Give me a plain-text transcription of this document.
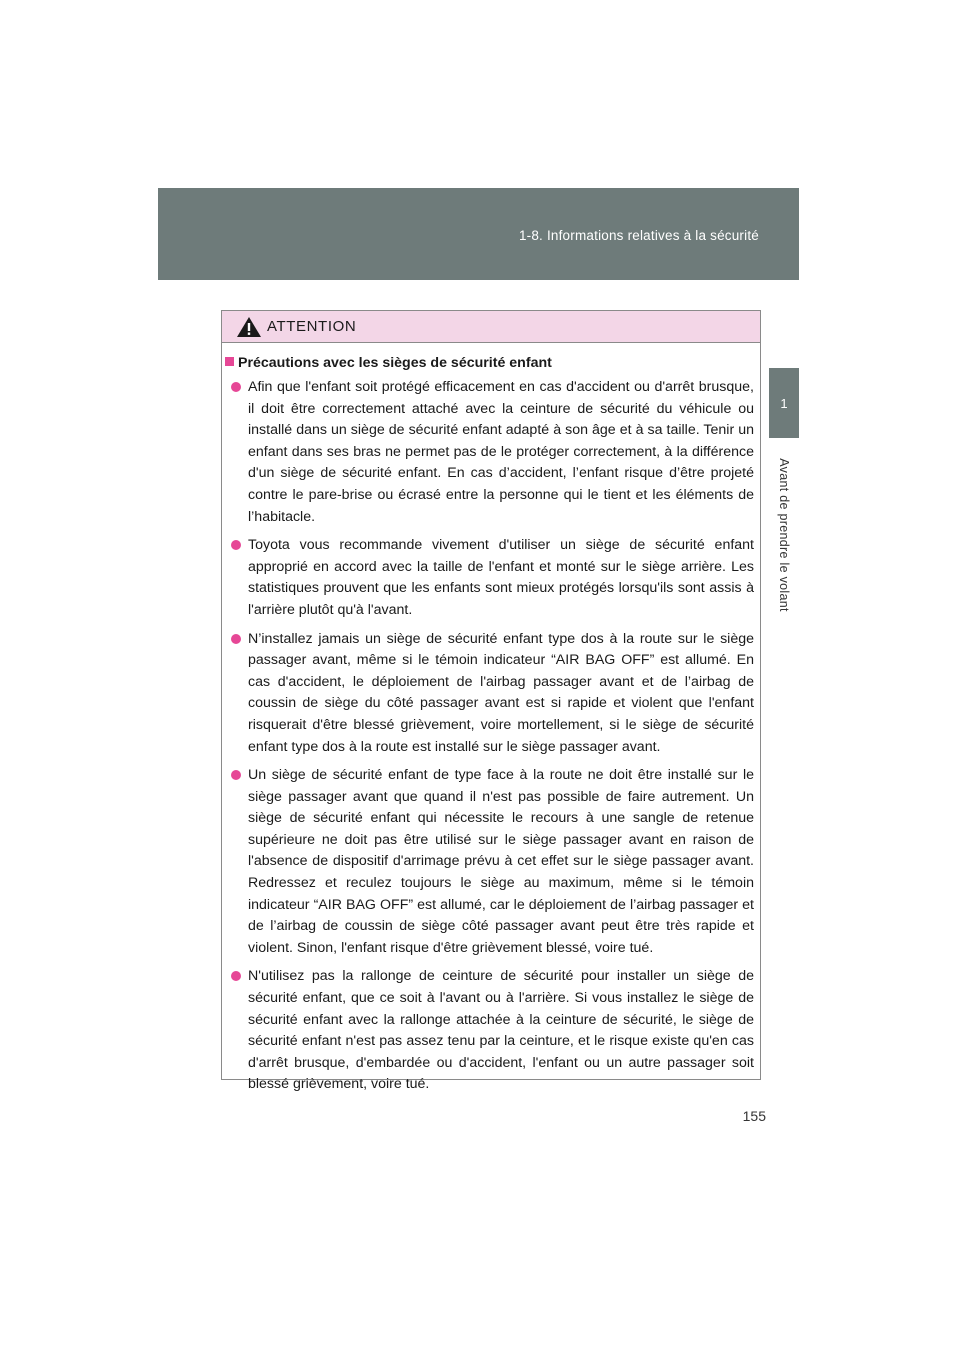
1-8. Informations relatives à la sécurité
1
Avant de prendre le volant
ATTENTION
Précautions avec les sièges de sécurité enfant
Afin que l'enfant soit protégé efficacement en cas d'accident ou d'arrêt brusque, il doit être correctement attaché avec la ceinture de sécurité du véhicule ou installé dans un siège de sécurité enfant adapté à son âge et à sa taille. Tenir un enfant dans ses bras ne permet pas de le protéger correctement, à la différence d'un siège de sécurité enfant. En cas d’accident, l’enfant risque d’être projeté contre le pare-brise ou écrasé entre la personne qui le tient et les éléments de l’habitacle.
Toyota vous recommande vivement d'utiliser un siège de sécurité enfant approprié en accord avec la taille de l'enfant et monté sur le siège arrière. Les statistiques prouvent que les enfants sont mieux protégés lorsqu'ils sont assis à l'arrière plutôt qu'à l'avant.
N’installez jamais un siège de sécurité enfant type dos à la route sur le siège passager avant, même si le témoin indicateur “AIR BAG OFF” est allumé. En cas d'accident, le déploiement de l'airbag passager avant et de l’airbag de coussin de siège du côté passager avant est si rapide et violent que l'enfant risquerait d'être blessé grièvement, voire mortellement, si le siège de sécurité enfant type dos à la route est installé sur le siège passager avant.
Un siège de sécurité enfant de type face à la route ne doit être installé sur le siège passager avant que quand il n'est pas possible de faire autrement. Un siège de sécurité enfant qui nécessite le recours à une sangle de retenue supérieure ne doit pas être utilisé sur le siège passager avant en raison de l'absence de dispositif d'arrimage prévu à cet effet sur le siège passager avant. Redressez et reculez toujours le siège au maximum, même si le témoin indicateur “AIR BAG OFF” est allumé, car le déploiement de l’airbag passager et de l’airbag de coussin de siège côté passager avant peut être très rapide et violent. Sinon, l'enfant risque d'être grièvement blessé, voire tué.
N'utilisez pas la rallonge de ceinture de sécurité pour installer un siège de sécurité enfant, que ce soit à l'avant ou à l'arrière. Si vous installez le siège de sécurité enfant avec la rallonge attachée à la ceinture de sécurité, le siège de sécurité enfant n'est pas assez tenu par la ceinture, et le risque existe qu'en cas d'arrêt brusque, d'embardée ou d'accident, l'enfant ou un autre passager soit blessé grièvement, voire tué.
155
